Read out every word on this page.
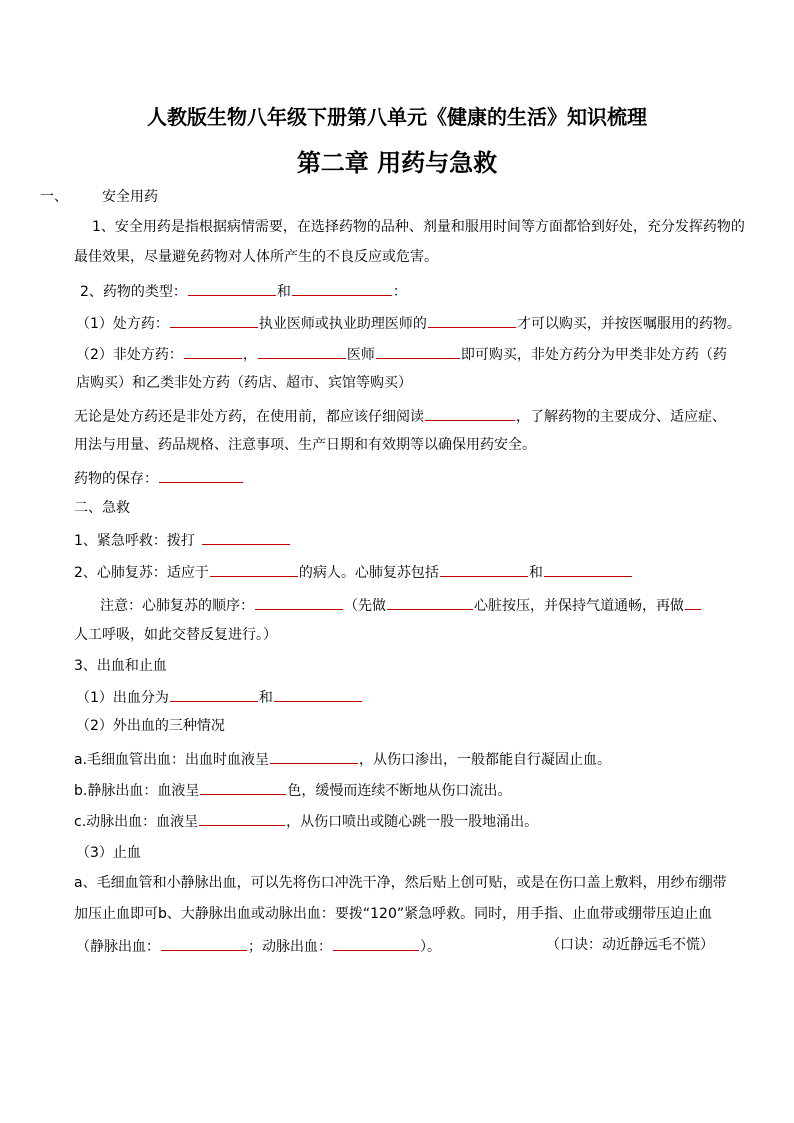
人教版生物八年级下册第八单元《健康的生活》知识梳理
第二章 用药与急救
一、 安全用药
1、安全用药是指根据病情需要，在选择药物的品种、剂量和服用时间等方面都恰到好处，充分发挥药物的
最佳效果，尽量避免药物对人体所产生的不良反应或危害。
2、药物的类型：	和	：
（1）处方药：	执业医师或执业助理医师的	才可以购买，并按医嘱服用的药物。
（2）非处方药：	，	医师	即可购买，非处方药分为甲类非处方药（药
店购买）和乙类非处方药（药店、超市、宾馆等购买）
无论是处方药还是非处方药，在使用前，都应该仔细阅读	，了解药物的主要成分、适应症、
用法与用量、药品规格、注意事项、生产日期和有效期等以确保用药安全。
药物的保存：
二、急救
1、紧急呼救：拨打
2、心肺复苏：适应于	的病人。心肺复苏包括	和
注意：心肺复苏的顺序：	（先做	心脏按压，并保持气道通畅，再做
人工呼吸，如此交替反复进行。）
3、出血和止血
（1）出血分为	和
（2）外出血的三种情况
a.毛细血管出血：出血时血液呈	，从伤口渗出，一般都能自行凝固止血。
b.静脉出血：血液呈	色，缓慢而连续不断地从伤口流出。
c.动脉出血：血液呈	，从伤口喷出或随心跳一股一股地涌出。
（3）止血
a、毛细血管和小静脉出血，可以先将伤口冲洗干净，然后贴上创可贴，或是在伤口盖上敷料，用纱布绷带
加压止血即可b、大静脉出血或动脉出血：要拨“120”紧急呼救。同时，用手指、止血带或绷带压迫止血
（静脉出血：	；动脉出血：	）。	（口诀：动近静远毛不慌）
